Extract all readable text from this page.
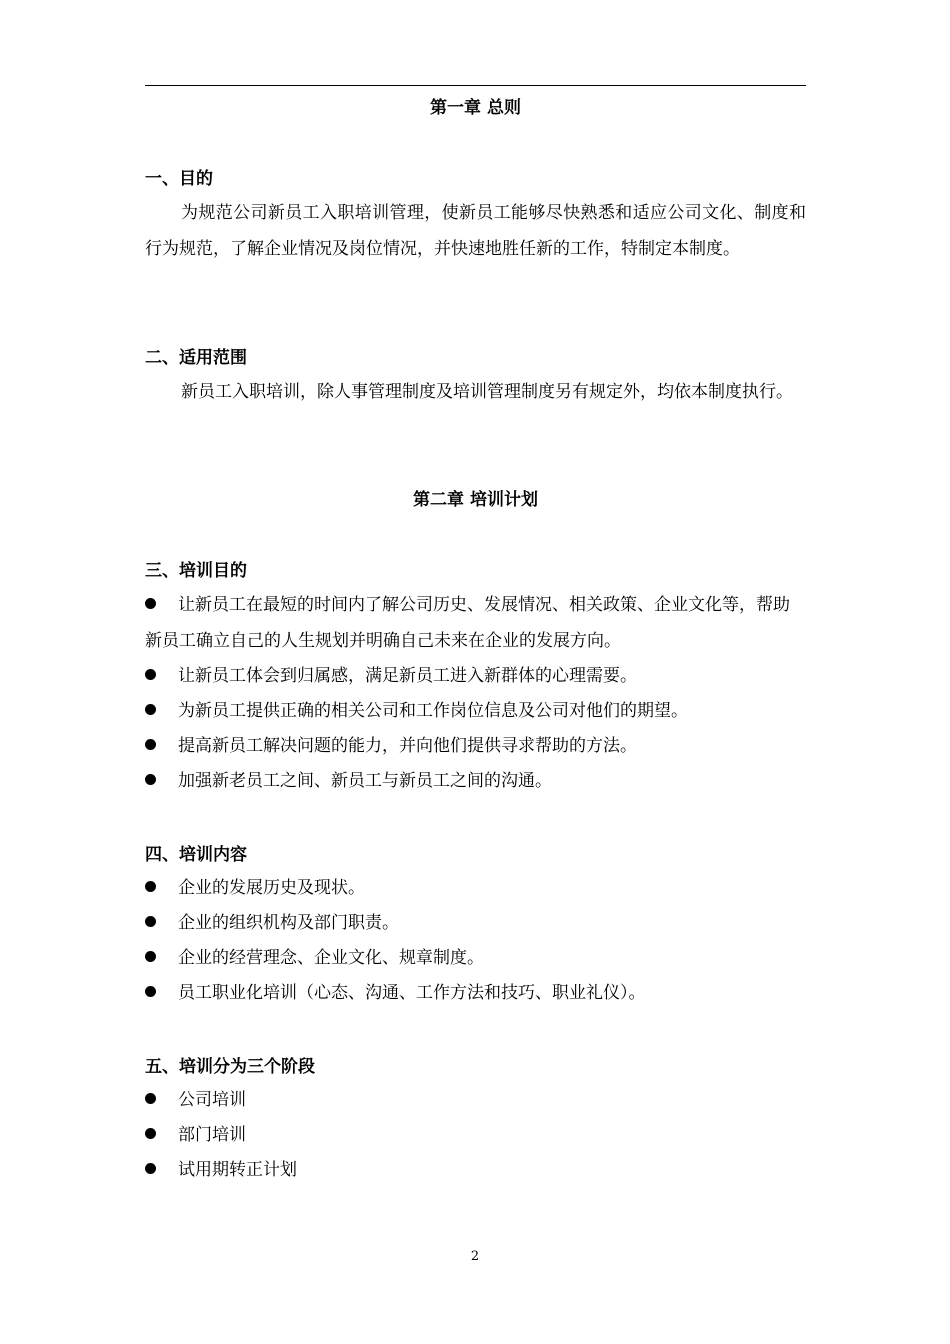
第一章 总则
一、目的

为规范公司新员工入职培训管理，使新员工能够尽快熟悉和适应公司文化、制度和行为规范，了解企业情况及岗位情况，并快速地胜任新的工作，特制定本制度。

二、适用范围

新员工入职培训，除人事管理制度及培训管理制度另有规定外，均依本制度执行。

第二章 培训计划
三、培训目的

让新员工在最短的时间内了解公司历史、发展情况、相关政策、企业文化等，帮助新员工确立自己的人生规划并明确自己未来在企业的发展方向。

让新员工体会到归属感，满足新员工进入新群体的心理需要。

为新员工提供正确的相关公司和工作岗位信息及公司对他们的期望。

提高新员工解决问题的能力，并向他们提供寻求帮助的方法。

加强新老员工之间、新员工与新员工之间的沟通。

四、培训内容

企业的发展历史及现状。

企业的组织机构及部门职责。

企业的经营理念、企业文化、规章制度。

员工职业化培训（心态、沟通、工作方法和技巧、职业礼仪）。

五、培训分为三个阶段

公司培训

部门培训

试用期转正计划

2
